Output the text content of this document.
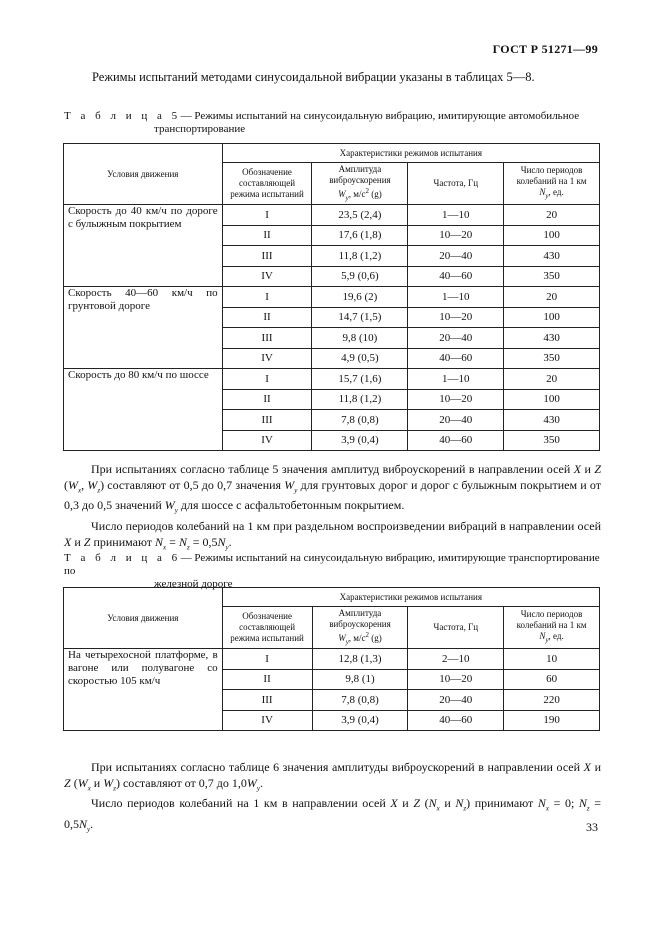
ГОСТ Р 51271—99
Режимы испытаний методами синусоидальной вибрации указаны в таблицах 5—8.
Т а б л и ц а 5— Режимы испытаний на синусоидальную вибрацию, имитирующие автомобильное
транспортирование
Условия движения	Характеристики режимов испытания			
	Обозначение составляющей режима испытаний	Амплитуда
виброускорения
$W_y$, $м/с^2$ (g)	Частота, Гц	Число периодов колебаний на 1 км
$N_y$, ед.
Скорость до 40 км/ч по дороге с булыжным покрытием	I	23,5 (2,4)	1—10	20
	II	17,6 (1,8)	10—20	100
	III	11,8 (1,2)	20—40	430
	IV	5,9 (0,6)	40—60	350
Скорость 40—60 км/ч по грунтовой дороге	I	19,6 (2)	1—10	20
	II	14,7 (1,5)	10—20	100
	III	9,8 (10)	20—40	430
	IV	4,9 (0,5)	40—60	350
Скорость до 80 км/ч по шоссе	I	15,7 (1,6)	1—10	20
	II	11,8 (1,2)	10—20	100
	III	7,8 (0,8)	20—40	430
	IV	3,9 (0,4)	40—60	350

При испытаниях согласно таблице 5 значения амплитуд виброускорений в направлении осей X и Z ($W_x$, $W_z$) составляют от 0,5 до 0,7 значения $W_y$ для грунтовых дорог и дорог с булыжным покрытием и от 0,3 до 0,5 значений $W_y$ для шоссе с асфальтобетонным покрытием.

Число периодов колебаний на 1 км при раздельном воспроизведении вибраций в направлении осей X и Z принимают $N_x = N_z = 0,5N_y$.

Т а б л и ц а 6— Режимы испытаний на синусоидальную вибрацию, имитирующие транспортирование по
железной дороге
Условия движения	Характеристики режимов испытания			
	Обозначение составляющей режима испытаний	Амплитуда
виброускорения
$W_y$, $м/с^2$ (g)	Частота, Гц	Число периодов колебаний на 1 км
$N_y$, ед.
На четырехосной платформе, в вагоне или полувагоне со скоростью 105 км/ч	I	12,8 (1,3)	2—10	10
	II	9,8 (1)	10—20	60
	III	7,8 (0,8)	20—40	220
	IV	3,9 (0,4)	40—60	190

При испытаниях согласно таблице 6 значения амплитуды виброускорений в направлении осей X и Z ($W_x$ и $W_z$) составляют от 0,7 до $1,0W_y$.

Число периодов колебаний на 1 км в направлении осей X и Z ($N_x$ и $N_z$) принимают $N_x = 0$; $N_z = 0,5N_y$.	33
